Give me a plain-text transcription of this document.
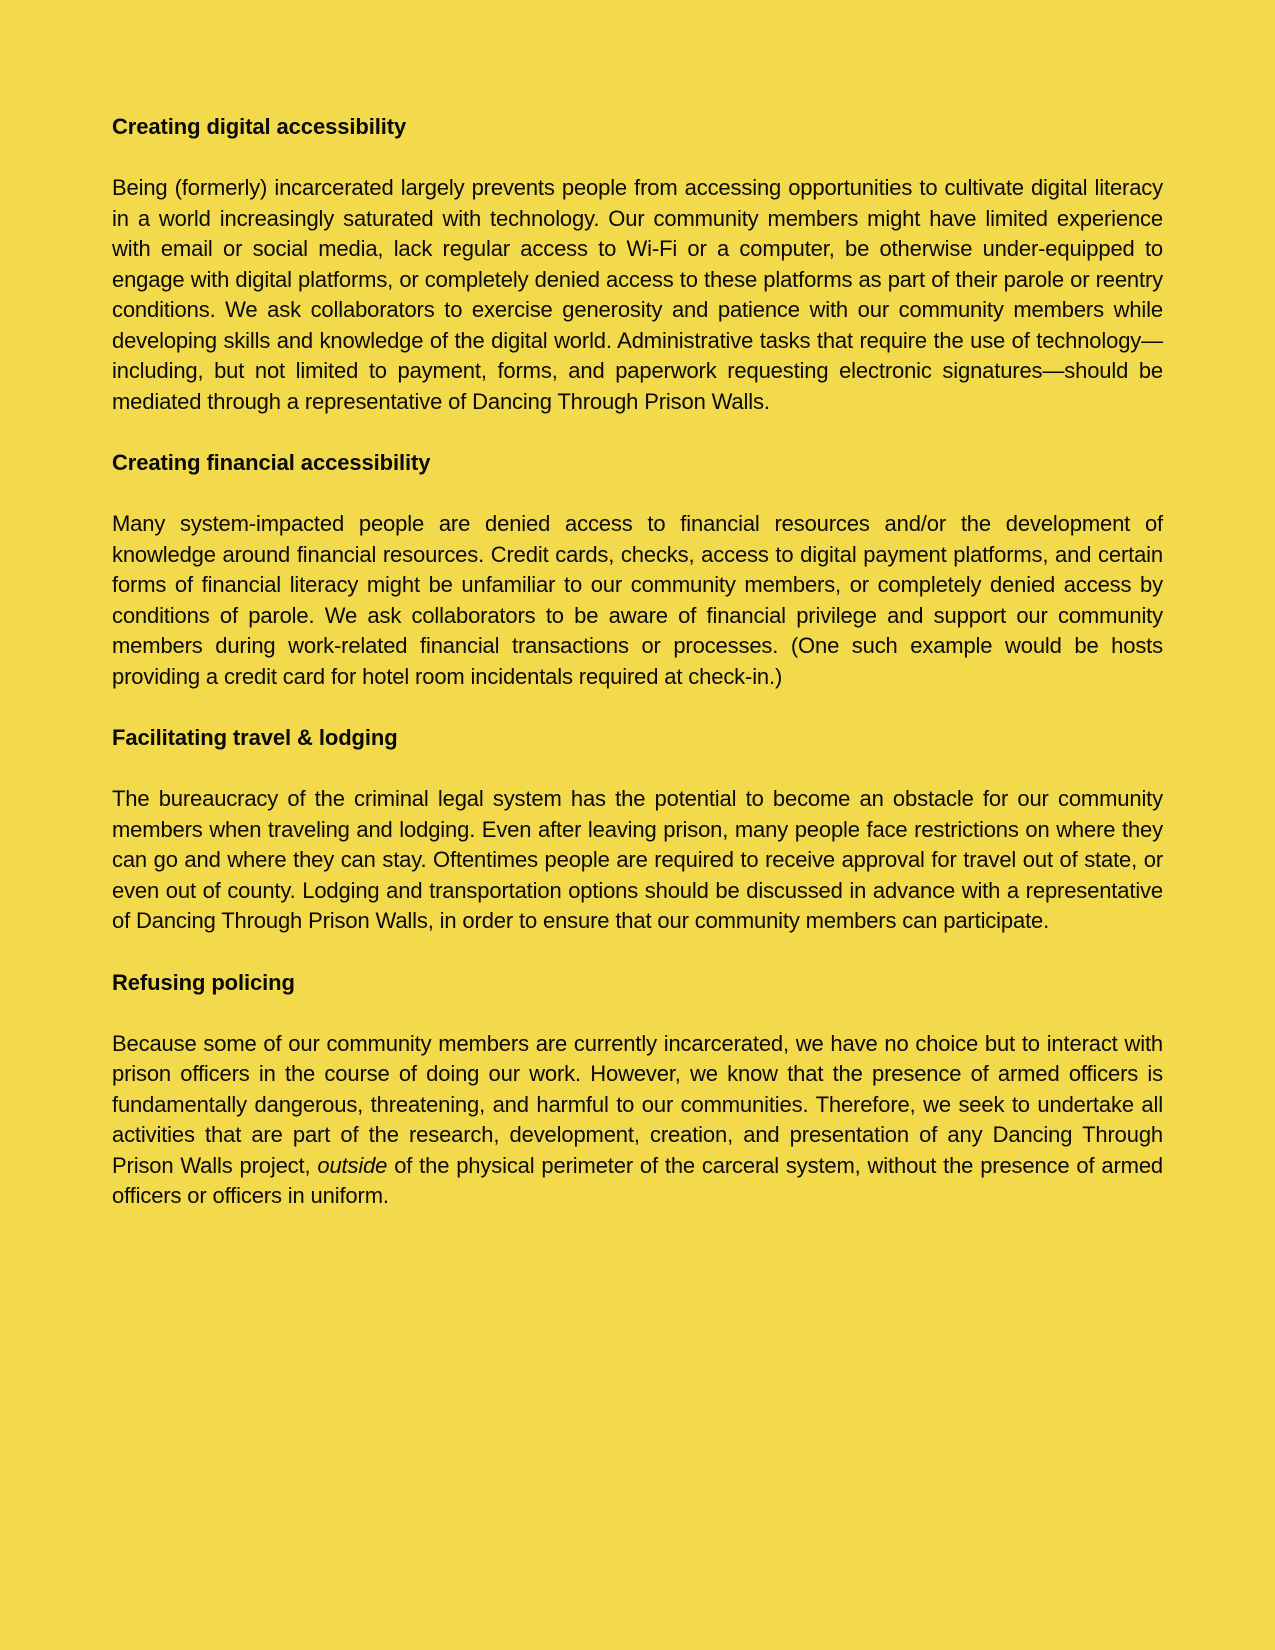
Creating digital accessibility

Being (formerly) incarcerated largely prevents people from accessing opportunities to cultivate digital literacy in a world increasingly saturated with technology. Our community members might have limited experience with email or social media, lack regular access to Wi-Fi or a computer, be otherwise under-equipped to engage with digital platforms, or completely denied access to these platforms as part of their parole or reentry conditions. We ask collaborators to exercise generosity and patience with our community members while developing skills and knowledge of the digital world. Administrative tasks that require the use of technology—including, but not limited to payment, forms, and paperwork requesting electronic signatures—should be mediated through a representative of Dancing Through Prison Walls.

Creating financial accessibility

Many system-impacted people are denied access to financial resources and/or the development of knowledge around financial resources. Credit cards, checks, access to digital payment platforms, and certain forms of financial literacy might be unfamiliar to our community members, or completely denied access by conditions of parole. We ask collaborators to be aware of financial privilege and support our community members during work-related financial transactions or processes. (One such example would be hosts providing a credit card for hotel room incidentals required at check-in.)

Facilitating travel & lodging

The bureaucracy of the criminal legal system has the potential to become an obstacle for our community members when traveling and lodging. Even after leaving prison, many people face restrictions on where they can go and where they can stay. Oftentimes people are required to receive approval for travel out of state, or even out of county. Lodging and transportation options should be discussed in advance with a representative of Dancing Through Prison Walls, in order to ensure that our community members can participate.

Refusing policing

Because some of our community members are currently incarcerated, we have no choice but to interact with prison officers in the course of doing our work. However, we know that the presence of armed officers is fundamentally dangerous, threatening, and harmful to our communities. Therefore, we seek to undertake all activities that are part of the research, development, creation, and presentation of any Dancing Through Prison Walls project, outside of the physical perimeter of the carceral system, without the presence of armed officers or officers in uniform.
